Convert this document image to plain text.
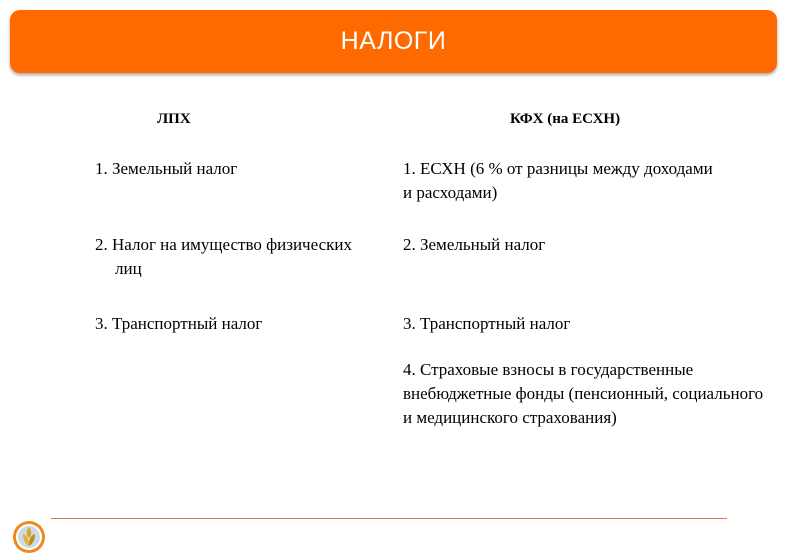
НАЛОГИ
ЛПХ	КФХ (на ЕСХН)
1. Земельный налог
2. Налог на имущество физических лиц
3. Транспортный налог
1. ЕСХН (6 % от разницы между доходами и расходами)
2. Земельный налог
3. Транспортный налог
4. Страховые взносы в государственные внебюджетные фонды (пенсионный, социального и медицинского страхования)
